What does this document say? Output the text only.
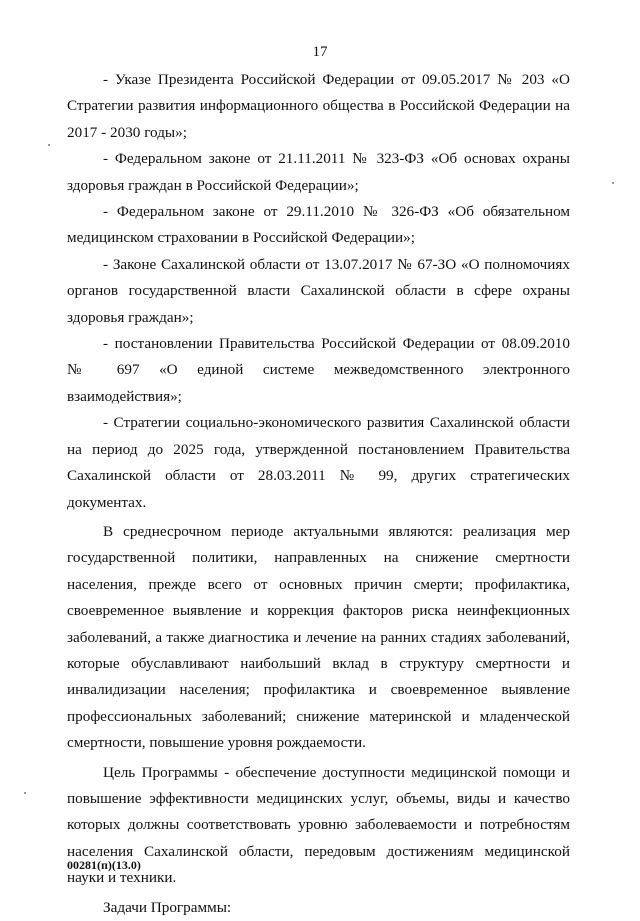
17

- Указе Президента Российской Федерации от 09.05.2017 № 203 «О Стратегии развития информационного общества в Российской Федерации на 2017 - 2030 годы»;

- Федеральном законе от 21.11.2011 № 323-ФЗ «Об основах охраны здоровья граждан в Российской Федерации»;

- Федеральном законе от 29.11.2010 № 326-ФЗ «Об обязательном медицинском страховании в Российской Федерации»;

- Законе Сахалинской области от 13.07.2017 № 67-ЗО «О полномочиях органов государственной власти Сахалинской области в сфере охраны здоровья граждан»;

- постановлении Правительства Российской Федерации от 08.09.2010 № 697 «О единой системе межведомственного электронного взаимодействия»;

- Стратегии социально-экономического развития Сахалинской области на период до 2025 года, утвержденной постановлением Правительства Сахалинской области от 28.03.2011 № 99, других стратегических документах.

В среднесрочном периоде актуальными являются: реализация мер государственной политики, направленных на снижение смертности населения, прежде всего от основных причин смерти; профилактика, своевременное выявление и коррекция факторов риска неинфекционных заболеваний, а также диагностика и лечение на ранних стадиях заболеваний, которые обуславливают наибольший вклад в структуру смертности и инвалидизации населения; профилактика и своевременное выявление профессиональных заболеваний; снижение материнской и младенческой смертности, повышение уровня рождаемости.

Цель Программы - обеспечение доступности медицинской помощи и повышение эффективности медицинских услуг, объемы, виды и качество которых должны соответствовать уровню заболеваемости и потребностям населения Сахалинской области, передовым достижениям медицинской науки и техники.

Задачи Программы:

00281(п)(13.0)
